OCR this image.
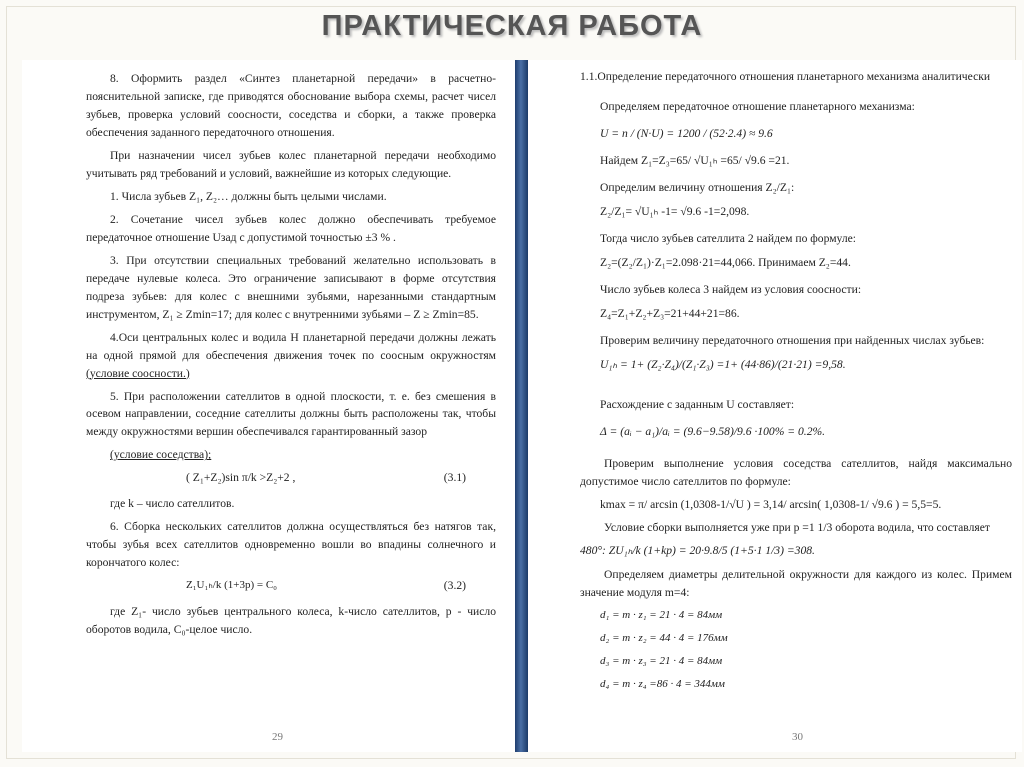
ПРАКТИЧЕСКАЯ РАБОТА

8. Оформить раздел «Синтез планетарной передачи» в расчетно-пояснительной записке, где приводятся обоснование выбора схемы, расчет чисел зубьев, проверка условий соосности, соседства и сборки, а также проверка обеспечения заданного передаточного отношения.

При назначении чисел зубьев колес планетарной передачи необходимо учитывать ряд требований и условий, важнейшие из которых следующие.

1. Числа зубьев Z₁, Z₂… должны быть целыми числами.

2. Сочетание чисел зубьев колес должно обеспечивать требуемое передаточное отношение Uзад с допустимой точностью ±3 % .

3. При отсутствии специальных требований желательно использовать в передаче нулевые колеса. Это ограничение записывают в форме отсутствия подреза зубьев: для колес с внешними зубьями, нарезанными стандартным инструментом, Z₁ ≥ Zmin=17; для колес с внутренними зубьями – Z ≥ Zmin=85.

4.Оси центральных колес и водила H планетарной передачи должны лежать на одной прямой для обеспечения движения точек по соосным окружностям (условие соосности.)

5. При расположении сателлитов в одной плоскости, т. е. без смешения в осевом направлении, соседние сателлиты должны быть расположены так, чтобы между окружностями вершин обеспечивался гарантированный зазор

(условие соседства);

( Z₁+Z₂)sin π/k >Z₂+2 ,	(3.1)

где k – число сателлитов.

6. Сборка нескольких сателлитов должна осуществляться без натягов так, чтобы зубья всех сателлитов одновременно вошли во впадины солнечного и корончатого колес:

Z₁U₁ₕ/k (1+3p) = C₀	(3.2)

где Z₁- число зубьев центрального колеса, k-число сателлитов, p - число оборотов водила, C₀-целое число.

29

1.1.Определение передаточного отношения планетарного механизма аналитически

Определяем передаточное отношение планетарного механизма:

U = n / (N·U) = 1200 / (52·2.4) ≈ 9.6

Найдем Z₁=Z₃=65/ √U₁ₕ =65/ √9.6 =21.

Определим величину отношения Z₂/Z₁:

Z₂/Z₁= √U₁ₕ -1= √9.6 -1=2,098.

Тогда число зубьев сателлита 2 найдем по формуле:

Z₂=(Z₂/Z₁)·Z₁=2.098·21=44,066. Принимаем Z₂=44.

Число зубьев колеса 3 найдем из условия соосности:

Z₄=Z₁+Z₂+Z₃=21+44+21=86.

Проверим величину передаточного отношения при найденных числах зубьев:

U₁ₕ = 1+ (Z₂·Z₄)/(Z₁·Z₃) =1+ (44·86)/(21·21) =9,58.

Расхождение с заданным U составляет:

Δ = (aᵢ − a₁)/aᵢ = (9.6−9.58)/9.6 ·100% = 0.2%.

Проверим выполнение условия соседства сателлитов, найдя максимально допустимое число сателлитов по формуле:

kmax = π/ arcsin (1,0308-1/√U ) = 3,14/ arcsin( 1,0308-1/ √9.6 ) = 5,5=5.

Условие сборки выполняется уже при p =1 1/3 оборота водила, что составляет

480°: ZU₁ₕ/k (1+kp) = 20·9.8/5 (1+5·1 1/3) =308.

Определяем диаметры делительной окружности для каждого из колес. Примем значение модуля m=4:

d₁ = m · z₁ = 21 · 4 = 84мм

d₂ = m · z₂ = 44 · 4 = 176мм

d₃ = m · z₃ = 21 · 4 = 84мм

d₄ = m · z₄ =86 · 4 = 344мм

30
